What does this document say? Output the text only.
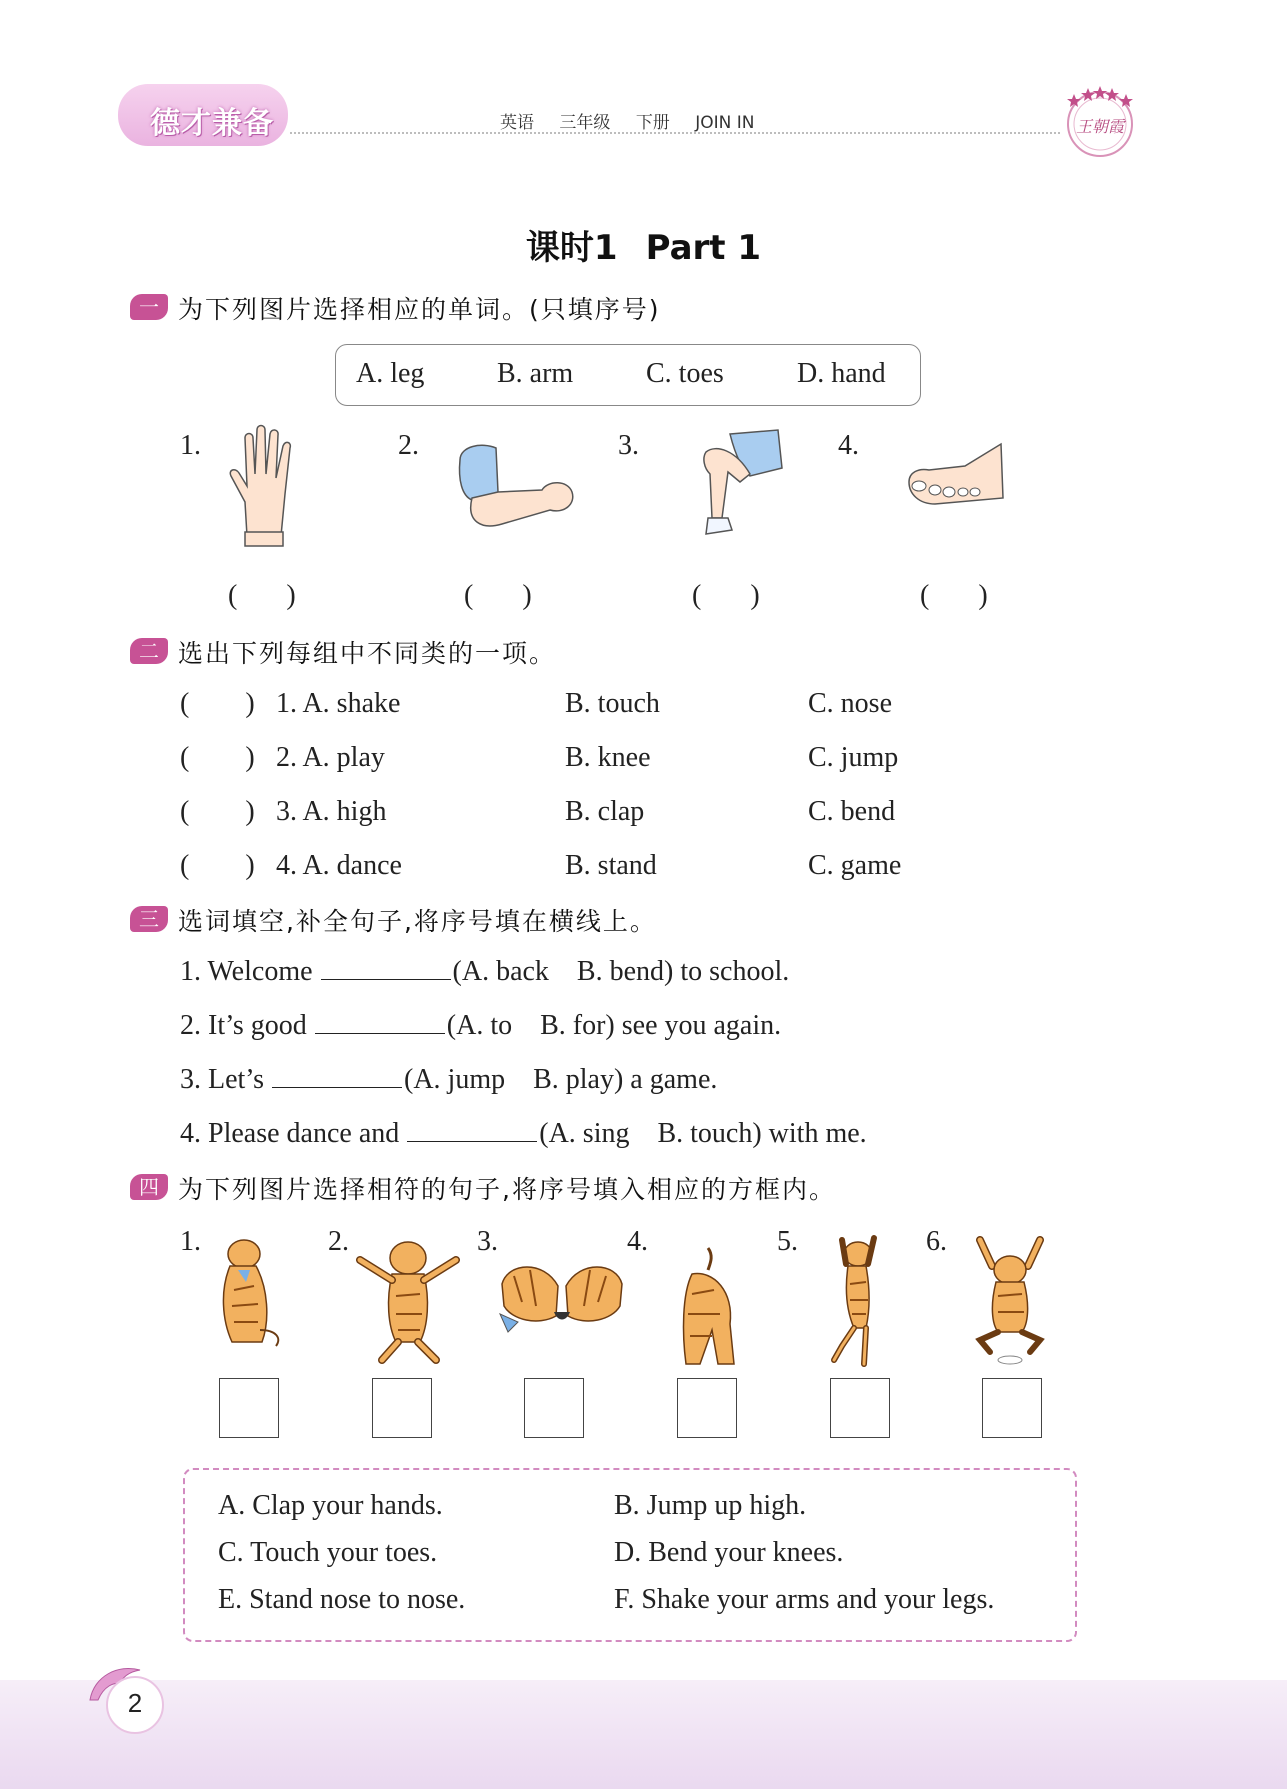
德才兼备	英语 三年级 下册 JOIN IN	王朝霞
课时1 Part 1
一 为下列图片选择相应的单词。(只填序号)
A. leg	B. arm	C. toes	D. hand
1.	2.	3.	4.
(       )	(       )	(       )	(       )
二 选出下列每组中不同类的一项。
(        ) 1. A. shake	B. touch	C. nose
(        ) 2. A. play	B. knee	C. jump
(        ) 3. A. high	B. clap	C. bend
(        ) 4. A. dance	B. stand	C. game
三 选词填空,补全句子,将序号填在横线上。
1. Welcome	(A. back    B. bend) to school.
2. It’s good	(A. to    B. for) see you again.
3. Let’s	(A. jump    B. play) a game.
4. Please dance and	(A. sing    B. touch) with me.
四 为下列图片选择相符的句子,将序号填入相应的方框内。
1.	2.	3.	4.	5.	6.
A. Clap your hands.	B. Jump up high.
C. Touch your toes.	D. Bend your knees.
E. Stand nose to nose.	F. Shake your arms and your legs.
2
